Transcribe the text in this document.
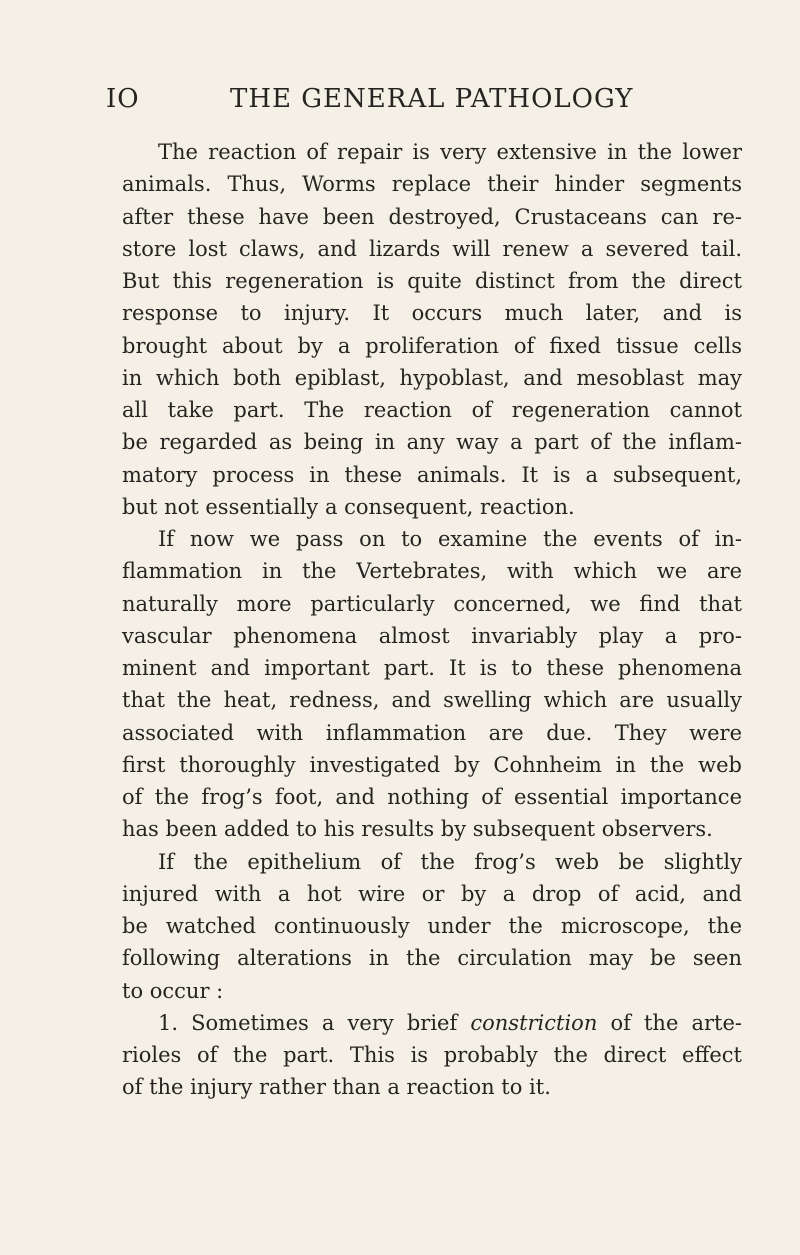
IO	THE GENERAL PATHOLOGY
The reaction of repair is very extensive in the lower
animals. Thus, Worms replace their hinder segments
after these have been destroyed, Crustaceans can re-
store lost claws, and lizards will renew a severed tail.
But this regeneration is quite distinct from the direct
response to injury. It occurs much later, and is
brought about by a proliferation of fixed tissue cells
in which both epiblast, hypoblast, and mesoblast may
all take part. The reaction of regeneration cannot
be regarded as being in any way a part of the inflam-
matory process in these animals. It is a subsequent,
but not essentially a consequent, reaction.
If now we pass on to examine the events of in-
flammation in the Vertebrates, with which we are
naturally more particularly concerned, we find that
vascular phenomena almost invariably play a pro-
minent and important part. It is to these phenomena
that the heat, redness, and swelling which are usually
associated with inflammation are due. They were
first thoroughly investigated by Cohnheim in the web
of the frog’s foot, and nothing of essential importance
has been added to his results by subsequent observers.
If the epithelium of the frog’s web be slightly
injured with a hot wire or by a drop of acid, and
be watched continuously under the microscope, the
following alterations in the circulation may be seen
to occur :
1. Sometimes a very brief constriction of the arte-
rioles of the part. This is probably the direct effect
of the injury rather than a reaction to it.
